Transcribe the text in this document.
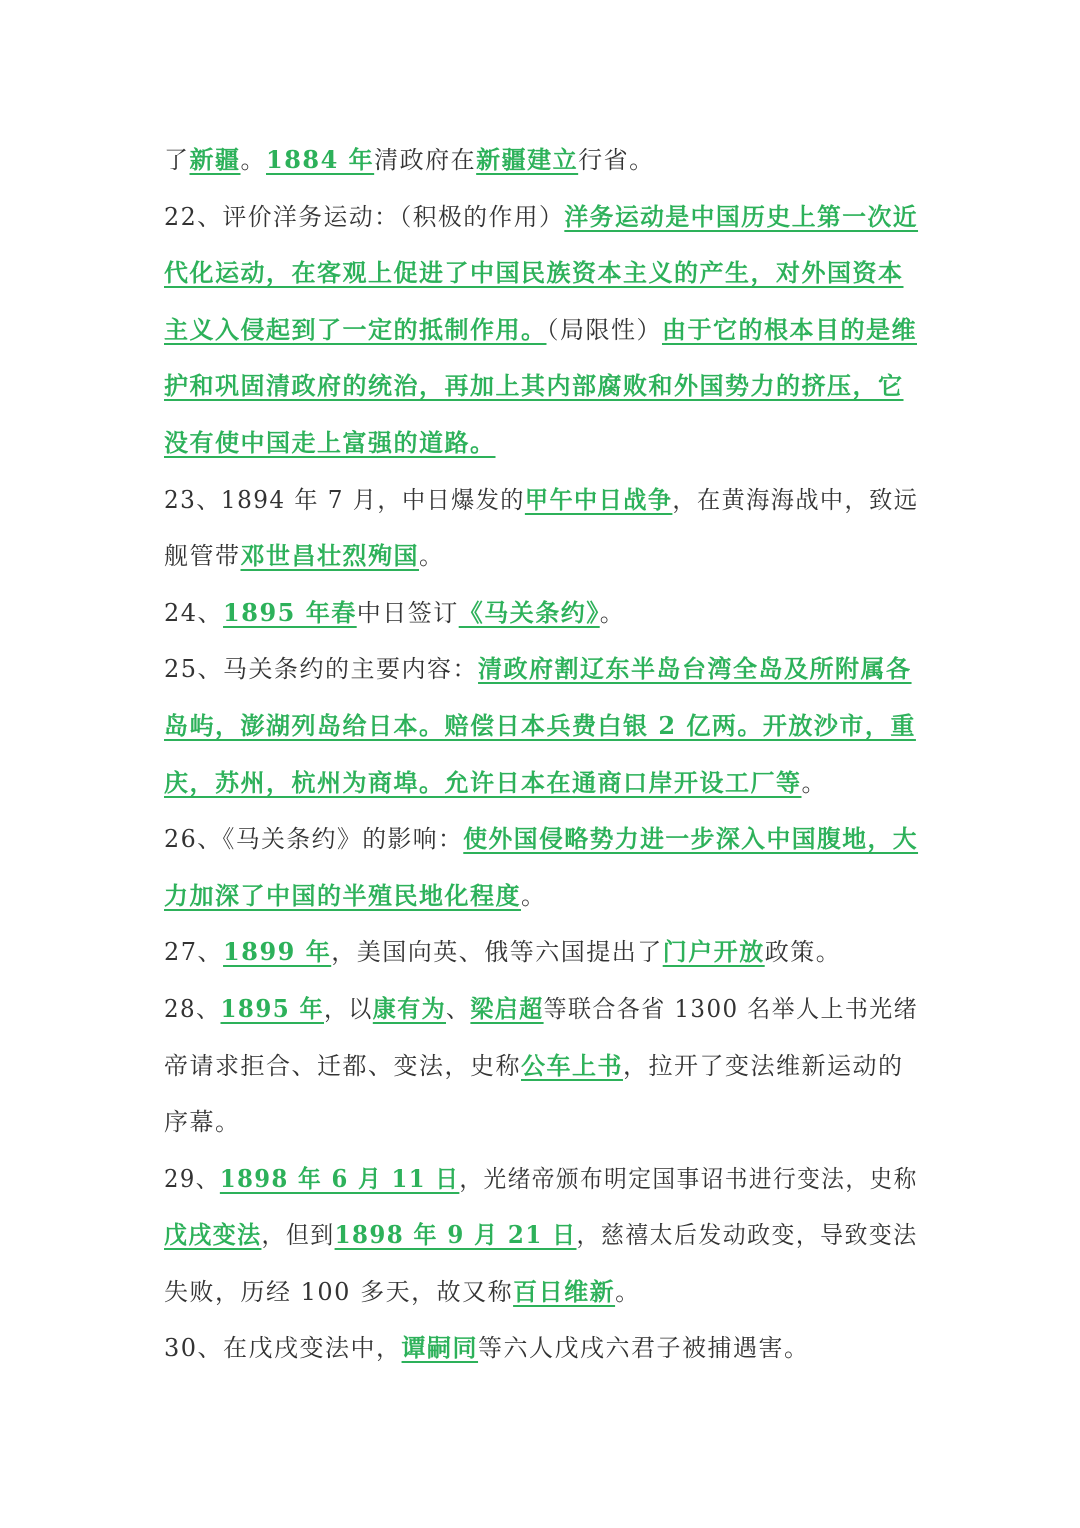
了新疆。1884 年清政府在新疆建立行省。
22、评价洋务运动：（积极的作用）洋务运动是中国历史上第一次近
代化运动，在客观上促进了中国民族资本主义的产生，对外国资本
主义入侵起到了一定的抵制作用。（局限性）由于它的根本目的是维
护和巩固清政府的统治，再加上其内部腐败和外国势力的挤压，它
没有使中国走上富强的道路。
23、1894 年 7 月，中日爆发的甲午中日战争，在黄海海战中，致远
舰管带邓世昌壮烈殉国。
24、1895 年春中日签订《马关条约》。
25、马关条约的主要内容：清政府割辽东半岛台湾全岛及所附属各
岛屿，澎湖列岛给日本。赔偿日本兵费白银 2 亿两。开放沙市，重
庆，苏州，杭州为商埠。允许日本在通商口岸开设工厂等。
26、《马关条约》的影响：使外国侵略势力进一步深入中国腹地，大
力加深了中国的半殖民地化程度。
27、1899 年，美国向英、俄等六国提出了门户开放政策。
28、1895 年，以康有为、梁启超等联合各省 1300 名举人上书光绪
帝请求拒合、迁都、变法，史称公车上书，拉开了变法维新运动的
序幕。
29、1898 年 6 月 11 日，光绪帝颁布明定国事诏书进行变法，史称
戊戌变法，但到1898 年 9 月 21 日，慈禧太后发动政变，导致变法
失败，历经 100 多天，故又称百日维新。
30、在戊戌变法中，谭嗣同等六人戊戌六君子被捕遇害。
